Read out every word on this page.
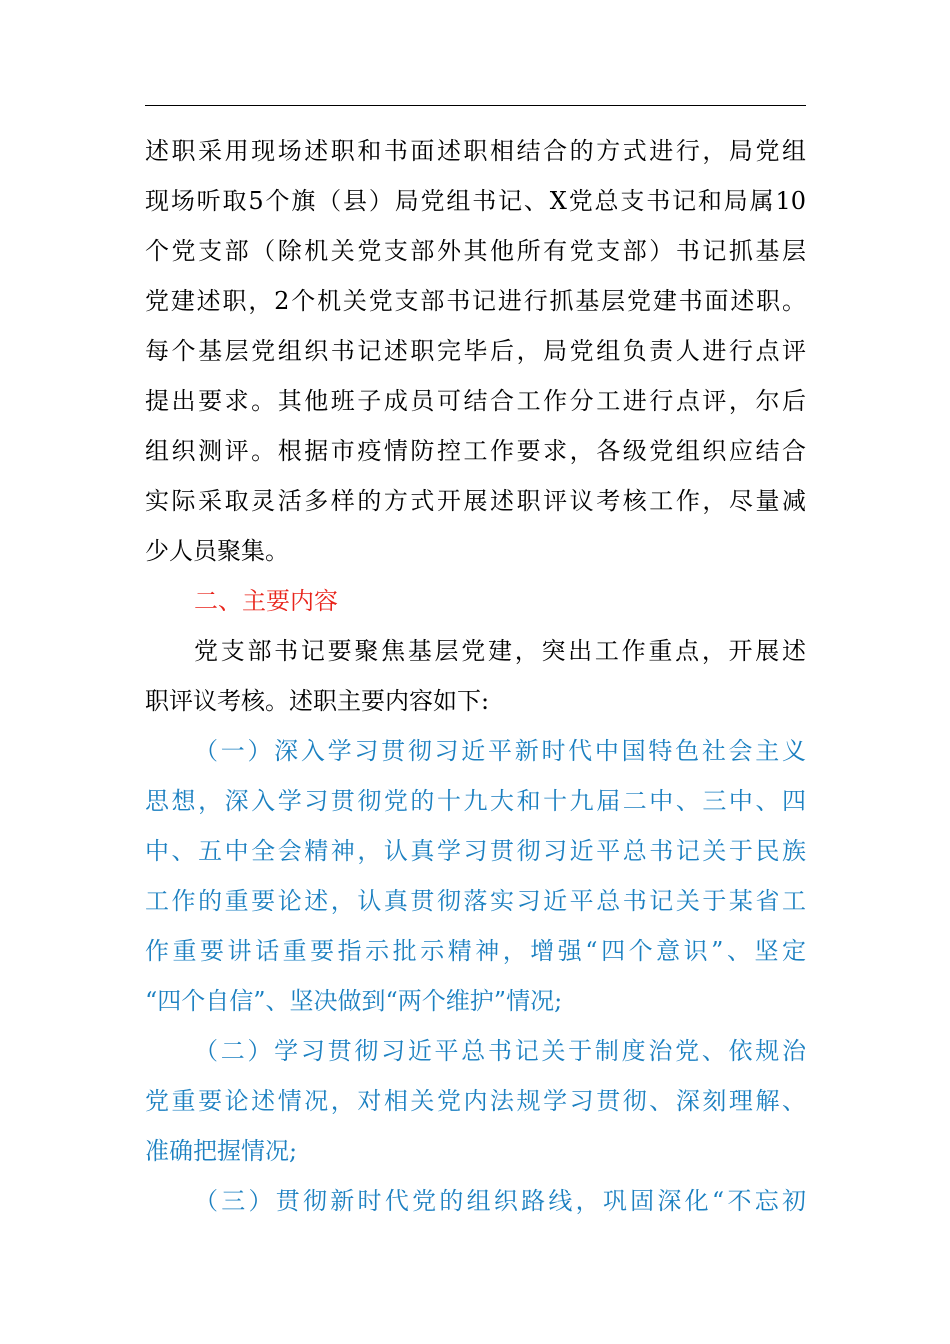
述职采用现场述职和书面述职相结合的方式进行，局党组
现场听取5个旗（县）局党组书记、X党总支书记和局属10
个党支部（除机关党支部外其他所有党支部）书记抓基层
党建述职，2个机关党支部书记进行抓基层党建书面述职。
每个基层党组织书记述职完毕后，局党组负责人进行点评
提出要求。其他班子成员可结合工作分工进行点评，尔后
组织测评。根据市疫情防控工作要求，各级党组织应结合
实际采取灵活多样的方式开展述职评议考核工作，尽量减
少人员聚集。
二、主要内容
党支部书记要聚焦基层党建，突出工作重点，开展述
职评议考核。述职主要内容如下:
（一）深入学习贯彻习近平新时代中国特色社会主义
思想，深入学习贯彻党的十九大和十九届二中、三中、四
中、五中全会精神，认真学习贯彻习近平总书记关于民族
工作的重要论述，认真贯彻落实习近平总书记关于某省工
作重要讲话重要指示批示精神，增强“四个意识”、坚定
“四个自信”、坚决做到“两个维护”情况;
（二）学习贯彻习近平总书记关于制度治党、依规治
党重要论述情况，对相关党内法规学习贯彻、深刻理解、
准确把握情况;
（三）贯彻新时代党的组织路线，巩固深化“不忘初
